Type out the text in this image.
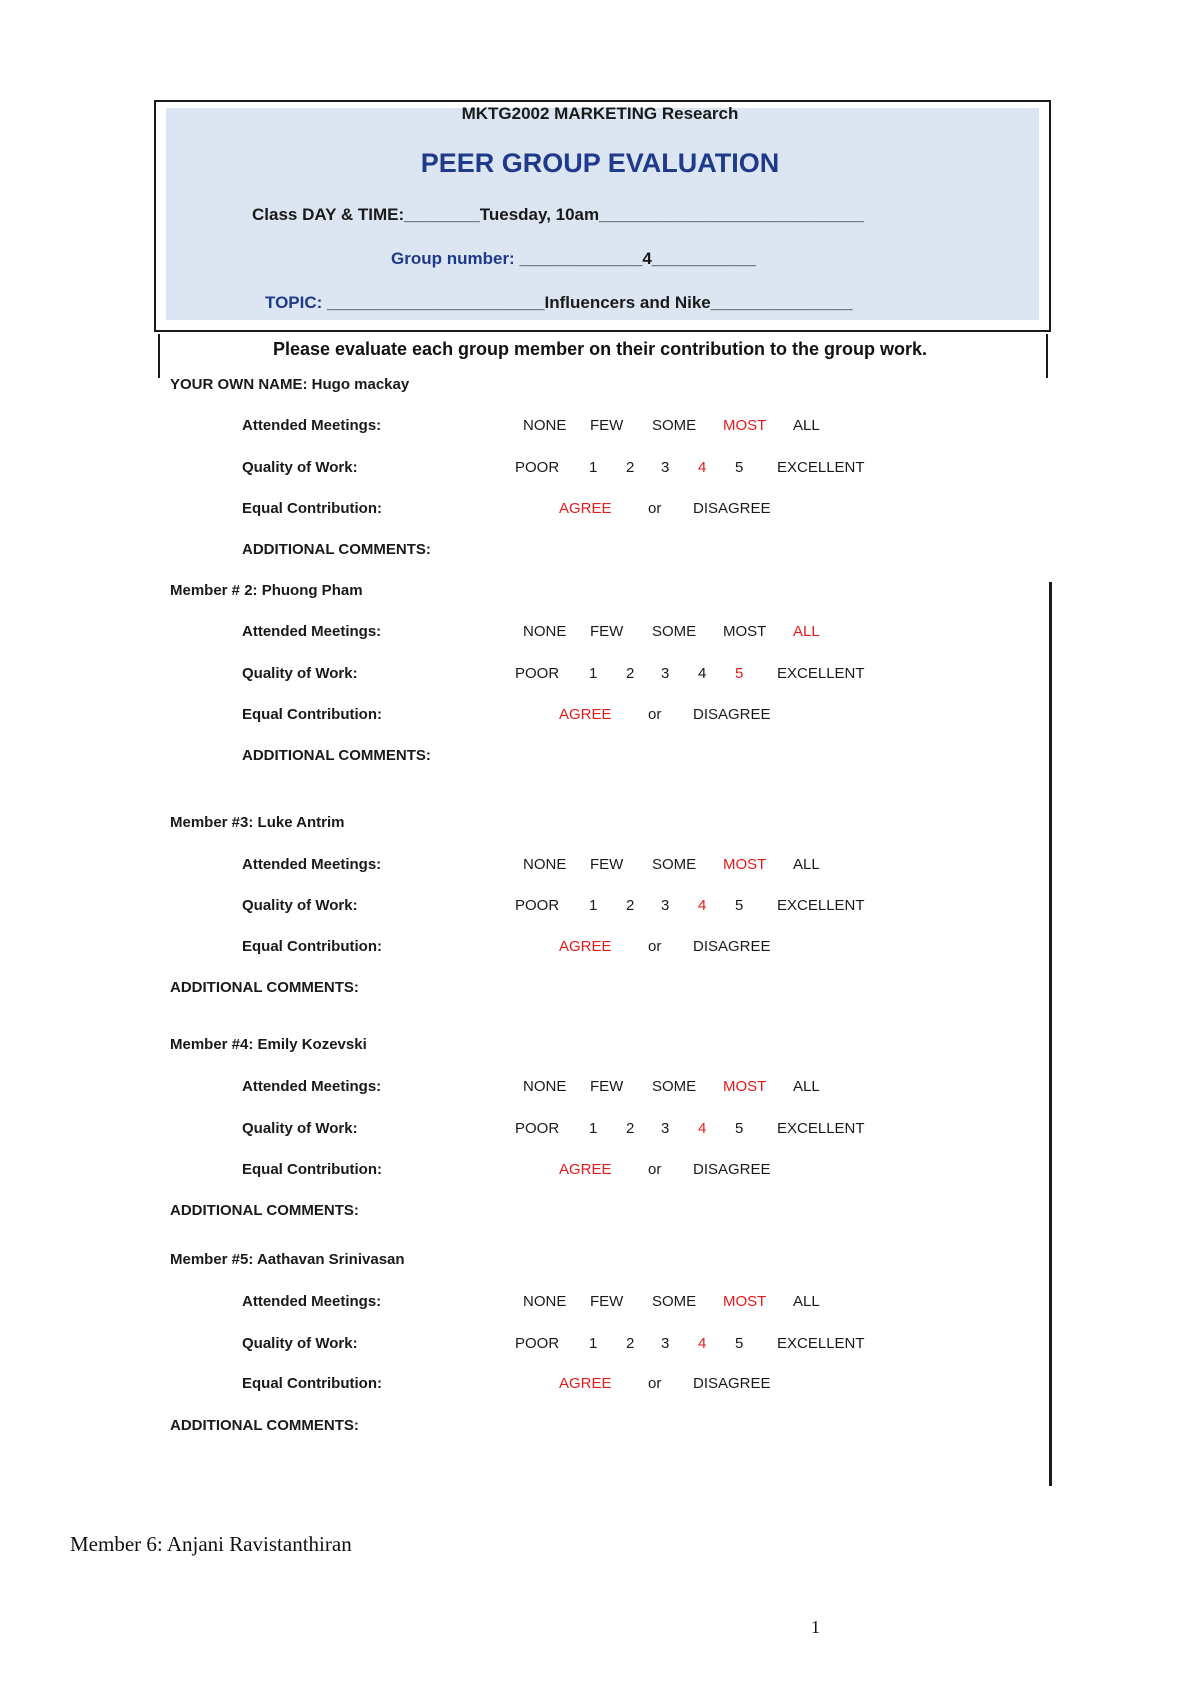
MKTG2002 MARKETING Research
PEER GROUP EVALUATION
Class DAY & TIME:________Tuesday, 10am____________________________
Group number: _____________4___________
TOPIC: _______________________Influencers and Nike_______________
Please evaluate each group member on their contribution to the group work.
YOUR OWN NAME: Hugo mackay
Attended Meetings:
Quality of Work:
Equal Contribution:
ADDITIONAL COMMENTS:
NONE FEW SOME MOST ALL
POOR 1 2 3 4 5 EXCELLENT
AGREE or DISAGREE
Member # 2: Phuong Pham
Attended Meetings:
Quality of Work:
Equal Contribution:
ADDITIONAL COMMENTS:
NONE FEW SOME MOST ALL
POOR 1 2 3 4 5 EXCELLENT
AGREE or DISAGREE
Member #3: Luke Antrim
Attended Meetings:
Quality of Work:
Equal Contribution:
ADDITIONAL COMMENTS:
NONE FEW SOME MOST ALL
POOR 1 2 3 4 5 EXCELLENT
AGREE or DISAGREE
Member #4: Emily Kozevski
Attended Meetings:
Quality of Work:
Equal Contribution:
ADDITIONAL COMMENTS:
NONE FEW SOME MOST ALL
POOR 1 2 3 4 5 EXCELLENT
AGREE or DISAGREE
Member #5: Aathavan Srinivasan
Attended Meetings:
Quality of Work:
Equal Contribution:
ADDITIONAL COMMENTS:
NONE FEW SOME MOST ALL
POOR 1 2 3 4 5 EXCELLENT
AGREE or DISAGREE
Member 6: Anjani Ravistanthiran
1
